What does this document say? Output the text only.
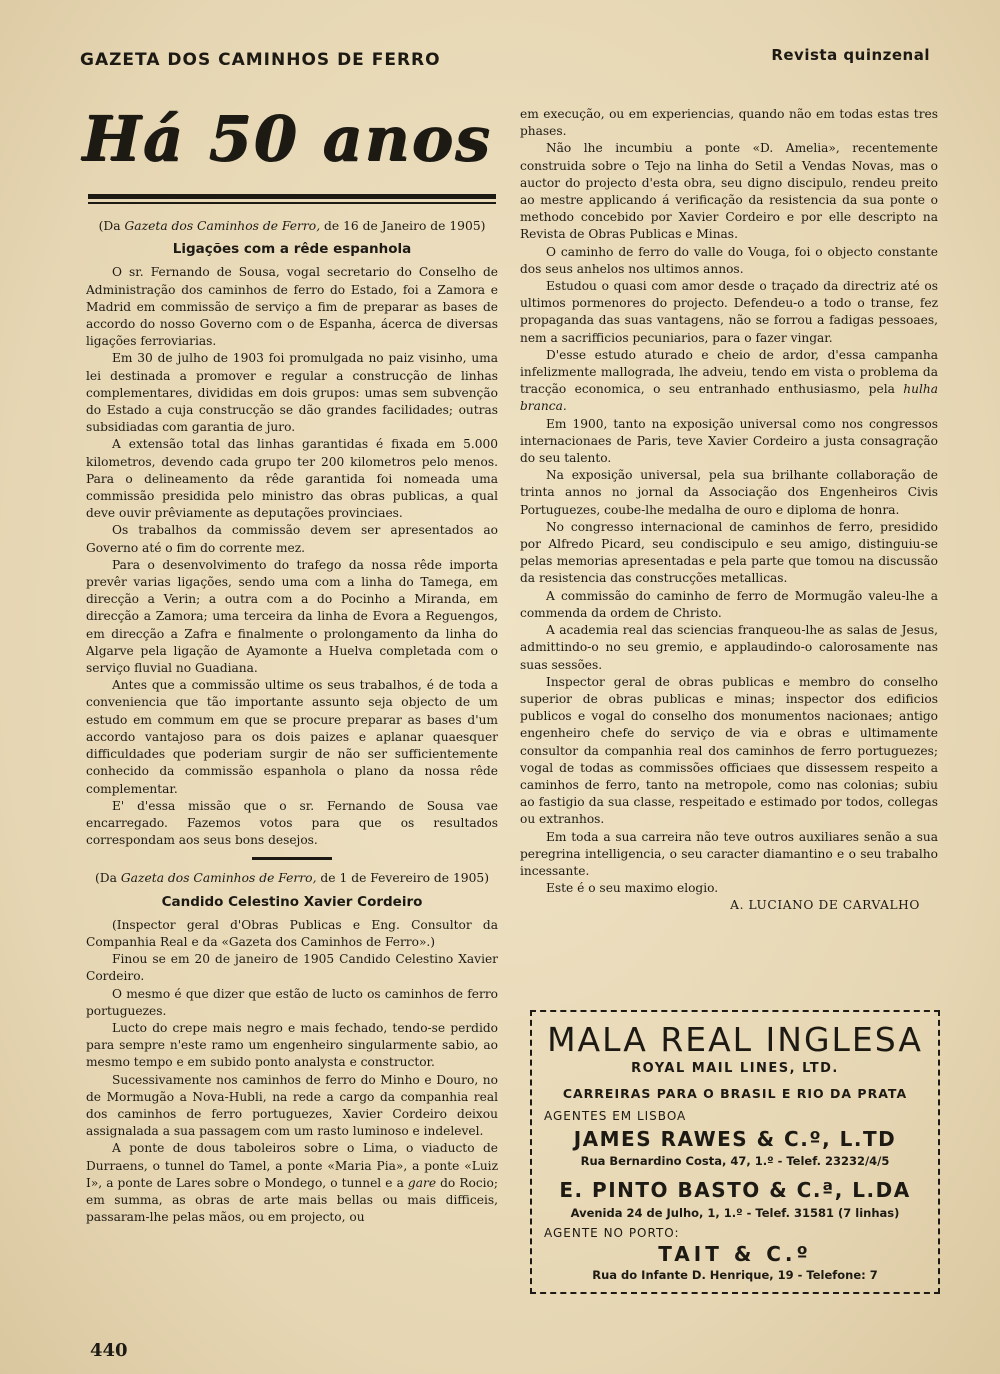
GAZETA DOS CAMINHOS DE FERRO	Revista quinzenal
Há 50 anos

(Da Gazeta dos Caminhos de Ferro, de 16 de Janeiro de 1905)

Ligações com a rêde espanhola

O sr. Fernando de Sousa, vogal secretario do Conselho de Administração dos caminhos de ferro do Estado, foi a Zamora e Madrid em commissão de serviço a fim de preparar as bases de accordo do nosso Governo com o de Espanha, ácerca de diversas ligações ferroviarias.

Em 30 de julho de 1903 foi promulgada no paiz visinho, uma lei destinada a promover e regular a construcção de linhas complementares, divididas em dois grupos: umas sem subvenção do Estado a cuja construcção se dão grandes facilidades; outras subsidiadas com garantia de juro.

A extensão total das linhas garantidas é fixada em 5.000 kilometros, devendo cada grupo ter 200 kilometros pelo menos. Para o delineamento da rêde garantida foi nomeada uma commissão presidida pelo ministro das obras publicas, a qual deve ouvir prêviamente as deputações provinciaes.

Os trabalhos da commissão devem ser apresentados ao Governo até o fim do corrente mez.

Para o desenvolvimento do trafego da nossa rêde importa prevêr varias ligações, sendo uma com a linha do Tamega, em direcção a Verin; a outra com a do Pocinho a Miranda, em direcção a Zamora; uma terceira da linha de Evora a Reguengos, em direcção a Zafra e finalmente o prolongamento da linha do Algarve pela ligação de Ayamonte a Huelva completada com o serviço fluvial no Guadiana.

Antes que a commissão ultime os seus trabalhos, é de toda a conveniencia que tão importante assunto seja objecto de um estudo em commum em que se procure preparar as bases d'um accordo vantajoso para os dois paizes e aplanar quaesquer difficuldades que poderiam surgir de não ser sufficientemente conhecido da commissão espanhola o plano da nossa rêde complementar.

E' d'essa missão que o sr. Fernando de Sousa vae encarregado. Fazemos votos para que os resultados correspondam aos seus bons desejos.

(Da Gazeta dos Caminhos de Ferro, de 1 de Fevereiro de 1905)

Candido Celestino Xavier Cordeiro

(Inspector geral d'Obras Publicas e Eng. Consultor da Companhia Real e da «Gazeta dos Caminhos de Ferro».)

Finou se em 20 de janeiro de 1905 Candido Celestino Xavier Cordeiro.

O mesmo é que dizer que estão de lucto os caminhos de ferro portuguezes.

Lucto do crepe mais negro e mais fechado, tendo-se perdido para sempre n'este ramo um engenheiro singularmente sabio, ao mesmo tempo e em subido ponto analysta e constructor.

Sucessivamente nos caminhos de ferro do Minho e Douro, no de Mormugão a Nova-Hubli, na rede a cargo da companhia real dos caminhos de ferro portuguezes, Xavier Cordeiro deixou assignalada a sua passagem com um rasto luminoso e indelevel.

A ponte de dous taboleiros sobre o Lima, o viaducto de Durraens, o tunnel do Tamel, a ponte «Maria Pia», a ponte «Luiz I», a ponte de Lares sobre o Mondego, o tunnel e a gare do Rocio; em summa, as obras de arte mais bellas ou mais difficeis, passaram-lhe pelas mãos, ou em projecto, ou

em execução, ou em experiencias, quando não em todas estas tres phases.

Não lhe incumbiu a ponte «D. Amelia», recentemente construida sobre o Tejo na linha do Setil a Vendas Novas, mas o auctor do projecto d'esta obra, seu digno discipulo, rendeu preito ao mestre applicando á verificação da resistencia da sua ponte o methodo concebido por Xavier Cordeiro e por elle descripto na Revista de Obras Publicas e Minas.

O caminho de ferro do valle do Vouga, foi o objecto constante dos seus anhelos nos ultimos annos.

Estudou o quasi com amor desde o traçado da directriz até os ultimos pormenores do projecto. Defendeu-o a todo o transe, fez propaganda das suas vantagens, não se forrou a fadigas pessoaes, nem a sacrifficios pecuniarios, para o fazer vingar.

D'esse estudo aturado e cheio de ardor, d'essa campanha infelizmente mallograda, lhe adveiu, tendo em vista o problema da tracção economica, o seu entranhado enthusiasmo, pela hulha branca.

Em 1900, tanto na exposição universal como nos congressos internacionaes de Paris, teve Xavier Cordeiro a justa consagração do seu talento.

Na exposição universal, pela sua brilhante collaboração de trinta annos no jornal da Associação dos Engenheiros Civis Portuguezes, coube-lhe medalha de ouro e diploma de honra.

No congresso internacional de caminhos de ferro, presidido por Alfredo Picard, seu condiscipulo e seu amigo, distinguiu-se pelas memorias apresentadas e pela parte que tomou na discussão da resistencia das construcções metallicas.

A commissão do caminho de ferro de Mormugão valeu-lhe a commenda da ordem de Christo.

A academia real das sciencias franqueou-lhe as salas de Jesus, admittindo-o no seu gremio, e applaudindo-o calorosamente nas suas sessões.

Inspector geral de obras publicas e membro do conselho superior de obras publicas e minas; inspector dos edificios publicos e vogal do conselho dos monumentos nacionaes; antigo engenheiro chefe do serviço de via e obras e ultimamente consultor da companhia real dos caminhos de ferro portuguezes; vogal de todas as commissões officiaes que dissessem respeito a caminhos de ferro, tanto na metropole, como nas colonias; subiu ao fastigio da sua classe, respeitado e estimado por todos, collegas ou extranhos.

Em toda a sua carreira não teve outros auxiliares senão a sua peregrina intelligencia, o seu caracter diamantino e o seu trabalho incessante.

Este é o seu maximo elogio.

A. LUCIANO DE CARVALHO

MALA REAL INGLESA
ROYAL MAIL LINES, LTD.
CARREIRAS PARA O BRASIL E RIO DA PRATA
AGENTES EM LISBOA
JAMES RAWES & C.º, L.TD
Rua Bernardino Costa, 47, 1.º - Telef. 23232/4/5
E. PINTO BASTO & C.ª, L.DA
Avenida 24 de Julho, 1, 1.º - Telef. 31581 (7 linhas)
AGENTE NO PORTO:
TAIT & C.º
Rua do Infante D. Henrique, 19 - Telefone: 7
440
